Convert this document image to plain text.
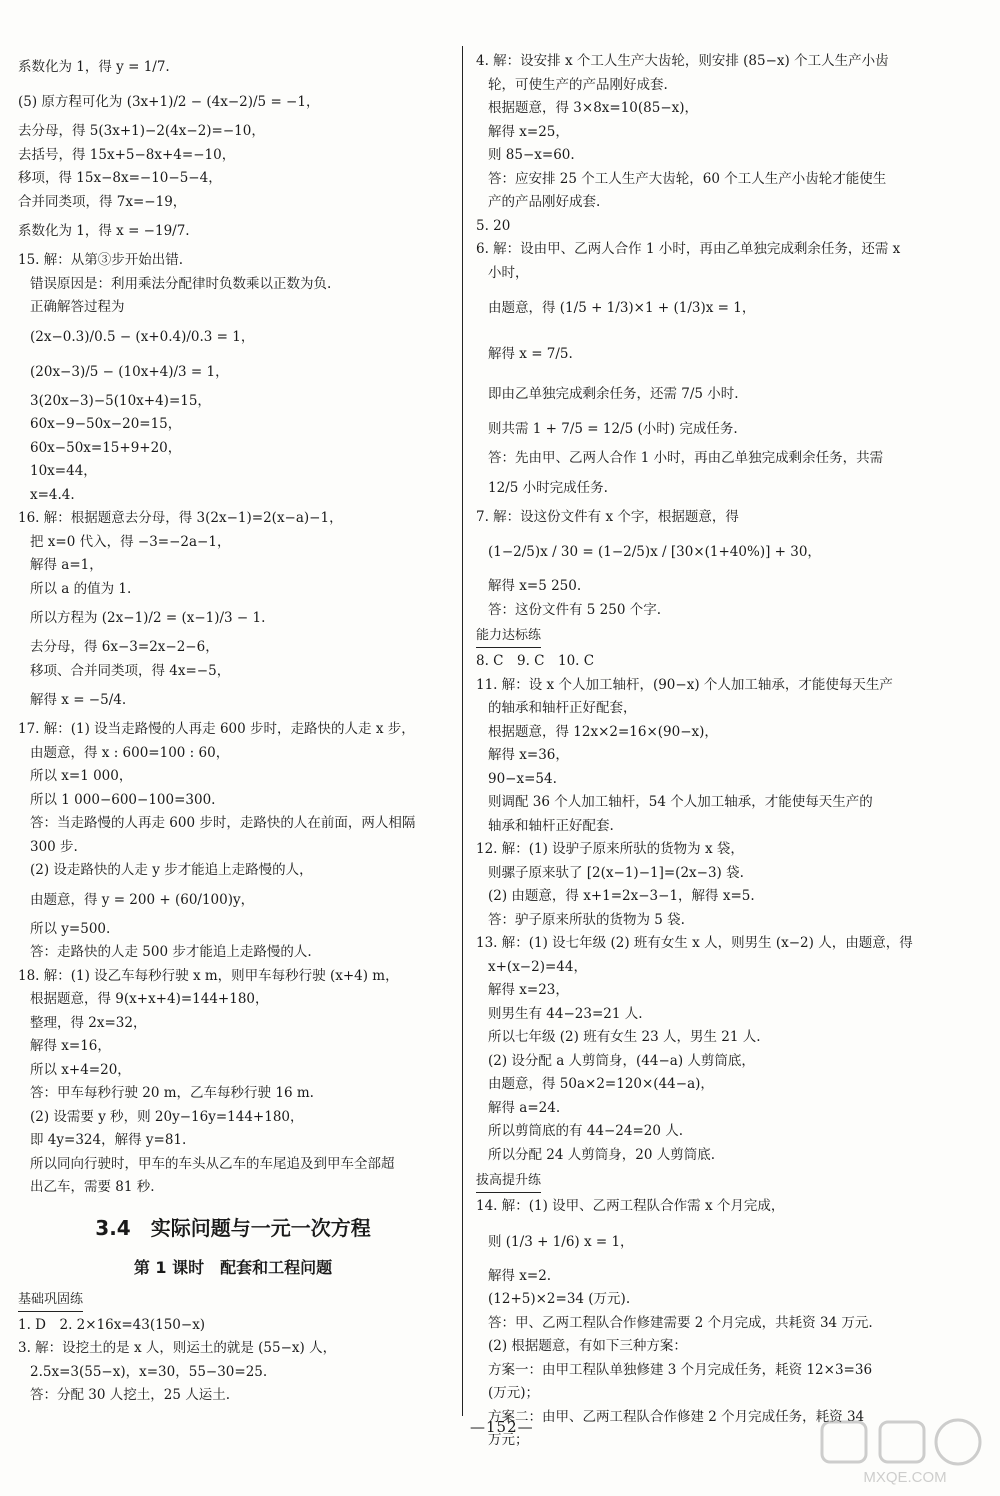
系数化为 1，得 y = 1/7.
(5) 原方程可化为 (3x+1)/2 − (4x−2)/5 = −1，
去分母，得 5(3x+1)−2(4x−2)=−10，
去括号，得 15x+5−8x+4=−10，
移项，得 15x−8x=−10−5−4，
合并同类项，得 7x=−19，
系数化为 1，得 x = −19/7.
15. 解：从第③步开始出错.
错误原因是：利用乘法分配律时负数乘以正数为负.
正确解答过程为
(2x−0.3)/0.5 − (x+0.4)/0.3 = 1，
(20x−3)/5 − (10x+4)/3 = 1，
3(20x−3)−5(10x+4)=15，
60x−9−50x−20=15，
60x−50x=15+9+20，
10x=44，
x=4.4.
16. 解：根据题意去分母，得 3(2x−1)=2(x−a)−1，
把 x=0 代入，得 −3=−2a−1，
解得 a=1，
所以 a 的值为 1.
所以方程为 (2x−1)/2 = (x−1)/3 − 1.
去分母，得 6x−3=2x−2−6，
移项、合并同类项，得 4x=−5，
解得 x = −5/4.
17. 解：(1) 设当走路慢的人再走 600 步时，走路快的人走 x 步，
由题意，得 x : 600=100 : 60，
所以 x=1 000，
所以 1 000−600−100=300.
答：当走路慢的人再走 600 步时，走路快的人在前面，两人相隔
300 步.
(2) 设走路快的人走 y 步才能追上走路慢的人，
由题意，得 y = 200 + (60/100)y，
所以 y=500.
答：走路快的人走 500 步才能追上走路慢的人.
18. 解：(1) 设乙车每秒行驶 x m，则甲车每秒行驶 (x+4) m，
根据题意，得 9(x+x+4)=144+180，
整理，得 2x=32，
解得 x=16，
所以 x+4=20，
答：甲车每秒行驶 20 m，乙车每秒行驶 16 m.
(2) 设需要 y 秒，则 20y−16y=144+180，
即 4y=324，解得 y=81.
所以同向行驶时，甲车的车头从乙车的车尾追及到甲车全部超
出乙车，需要 81 秒.
3.4　实际问题与一元一次方程
第 1 课时　配套和工程问题
基础巩固练
1. D　2. 2×16x=43(150−x)
3. 解：设挖土的是 x 人，则运土的就是 (55−x) 人，
2.5x=3(55−x)，x=30，55−30=25.
答：分配 30 人挖土，25 人运土.
4. 解：设安排 x 个工人生产大齿轮，则安排 (85−x) 个工人生产小齿
轮，可使生产的产品刚好成套.
根据题意，得 3×8x=10(85−x)，
解得 x=25，
则 85−x=60.
答：应安排 25 个工人生产大齿轮，60 个工人生产小齿轮才能使生
产的产品刚好成套.
5. 20
6. 解：设由甲、乙两人合作 1 小时，再由乙单独完成剩余任务，还需 x
小时，
由题意，得 (1/5 + 1/3)×1 + (1/3)x = 1，
解得 x = 7/5.
即由乙单独完成剩余任务，还需 7/5 小时.
则共需 1 + 7/5 = 12/5 (小时) 完成任务.
答：先由甲、乙两人合作 1 小时，再由乙单独完成剩余任务，共需
12/5 小时完成任务.
7. 解：设这份文件有 x 个字，根据题意，得
(1−2/5)x / 30 = (1−2/5)x / [30×(1+40%)] + 30，
解得 x=5 250.
答：这份文件有 5 250 个字.
能力达标练
8. C　9. C　10. C
11. 解：设 x 个人加工轴杆，(90−x) 个人加工轴承，才能使每天生产
的轴承和轴杆正好配套，
根据题意，得 12x×2=16×(90−x)，
解得 x=36，
90−x=54.
则调配 36 个人加工轴杆，54 个人加工轴承，才能使每天生产的
轴承和轴杆正好配套.
12. 解：(1) 设驴子原来所驮的货物为 x 袋，
则骡子原来驮了 [2(x−1)−1]=(2x−3) 袋.
(2) 由题意，得 x+1=2x−3−1，解得 x=5.
答：驴子原来所驮的货物为 5 袋.
13. 解：(1) 设七年级 (2) 班有女生 x 人，则男生 (x−2) 人，由题意，得
x+(x−2)=44，
解得 x=23，
则男生有 44−23=21 人.
所以七年级 (2) 班有女生 23 人，男生 21 人.
(2) 设分配 a 人剪筒身，(44−a) 人剪筒底，
由题意，得 50a×2=120×(44−a)，
解得 a=24.
所以剪筒底的有 44−24=20 人.
所以分配 24 人剪筒身，20 人剪筒底.
拔高提升练
14. 解：(1) 设甲、乙两工程队合作需 x 个月完成，
则 (1/3 + 1/6) x = 1，
解得 x=2.
(12+5)×2=34 (万元).
答：甲、乙两工程队合作修建需要 2 个月完成，共耗资 34 万元.
(2) 根据题意，有如下三种方案：
方案一：由甲工程队单独修建 3 个月完成任务，耗资 12×3=36
(万元)；
方案二：由甲、乙两工程队合作修建 2 个月完成任务，耗资 34
万元；
—152—
MXQE.COM
